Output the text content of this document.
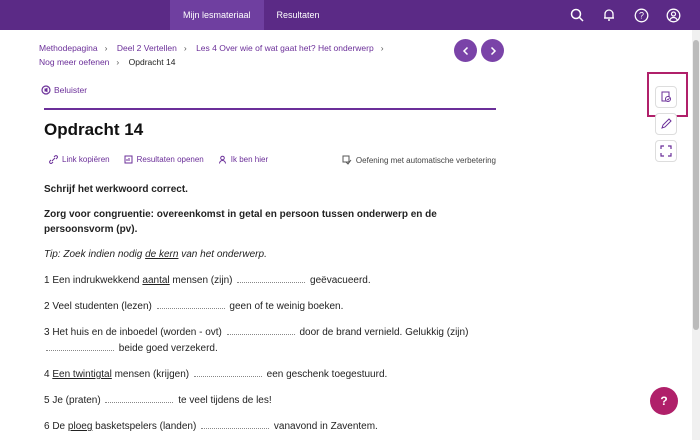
Mijn lesmateriaal	Resultaten	?
Methodepagina › Deel 2 Vertellen › Les 4 Over wie of wat gaat het? Het onderwerp ›
Nog meer oefenen › Opdracht 14
Beluister
Opdracht 14
Link kopiëren	Resultaten openen	Ik ben hier	Oefening met automatische verbetering

Schrijf het werkwoord correct.

Zorg voor congruentie: overeenkomst in getal en persoon tussen onderwerp en de persoonsvorm (pv).

Tip: Zoek indien nodig de kern van het onderwerp.

1 Een indrukwekkend aantal mensen (zijn)	geëvacueerd.

2 Veel studenten (lezen)	geen of te weinig boeken.

3 Het huis en de inboedel (worden - ovt)	door de brand vernield. Gelukkig (zijn)
beide goed verzekerd.

4 Een twintigtal mensen (krijgen)	een geschenk toegestuurd.

5 Je (praten)	te veel tijdens de les!

6 De ploeg basketspelers (landen)	vanavond in Zaventem.

?
